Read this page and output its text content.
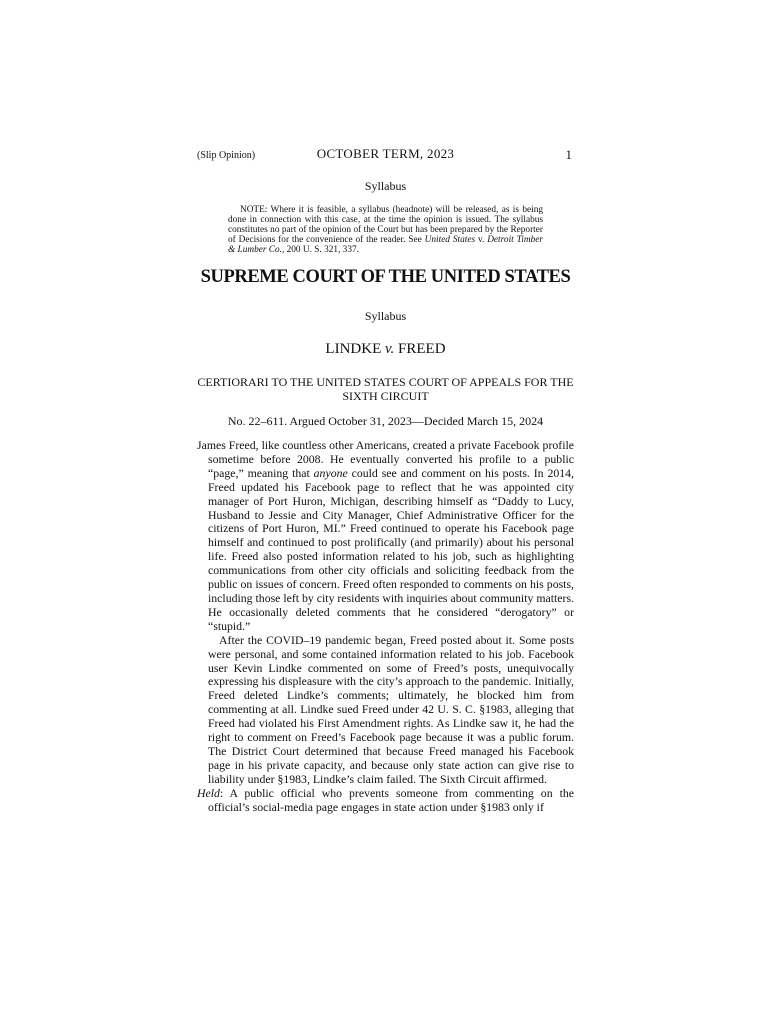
(Slip Opinion)	OCTOBER TERM, 2023	1
Syllabus
NOTE: Where it is feasible, a syllabus (headnote) will be released, as is being done in connection with this case, at the time the opinion is issued. The syllabus constitutes no part of the opinion of the Court but has been prepared by the Reporter of Decisions for the convenience of the reader. See United States v. Detroit Timber & Lumber Co., 200 U. S. 321, 337.
SUPREME COURT OF THE UNITED STATES
Syllabus
LINDKE v. FREED
CERTIORARI TO THE UNITED STATES COURT OF APPEALS FOR THE SIXTH CIRCUIT
No. 22–611. Argued October 31, 2023—Decided March 15, 2024

James Freed, like countless other Americans, created a private Facebook profile sometime before 2008. He eventually converted his profile to a public “page,” meaning that anyone could see and comment on his posts. In 2014, Freed updated his Facebook page to reflect that he was appointed city manager of Port Huron, Michigan, describing himself as “Daddy to Lucy, Husband to Jessie and City Manager, Chief Administrative Officer for the citizens of Port Huron, MI.” Freed continued to operate his Facebook page himself and continued to post prolifically (and primarily) about his personal life. Freed also posted information related to his job, such as highlighting communications from other city officials and soliciting feedback from the public on issues of concern. Freed often responded to comments on his posts, including those left by city residents with inquiries about community matters. He occasionally deleted comments that he considered “derogatory” or “stupid.”

After the COVID–19 pandemic began, Freed posted about it. Some posts were personal, and some contained information related to his job. Facebook user Kevin Lindke commented on some of Freed’s posts, unequivocally expressing his displeasure with the city’s approach to the pandemic. Initially, Freed deleted Lindke’s comments; ultimately, he blocked him from commenting at all. Lindke sued Freed under 42 U. S. C. §1983, alleging that Freed had violated his First Amendment rights. As Lindke saw it, he had the right to comment on Freed’s Facebook page because it was a public forum. The District Court determined that because Freed managed his Facebook page in his private capacity, and because only state action can give rise to liability under §1983, Lindke’s claim failed. The Sixth Circuit affirmed.

Held: A public official who prevents someone from commenting on the official’s social-media page engages in state action under §1983 only if
